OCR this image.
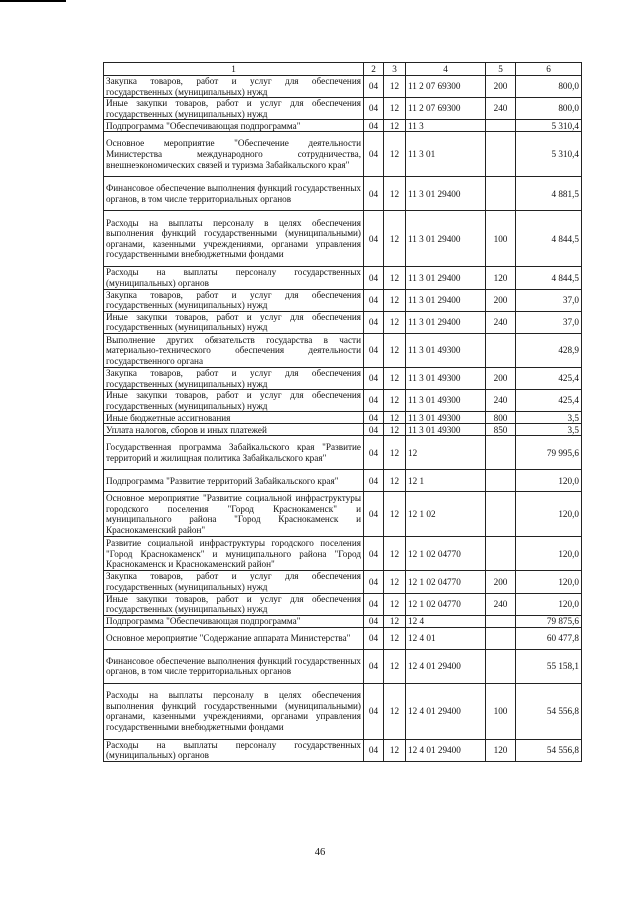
1	2	3	4	5	6
Закупка товаров, работ и услуг для обеспечения государственных (муниципальных) нужд	04	12	11 2 07 69300	200	800,0
Иные закупки товаров, работ и услуг для обеспечения государственных (муниципальных) нужд	04	12	11 2 07 69300	240	800,0
Подпрограмма "Обеспечивающая подпрограмма"	04	12	11 3		5 310,4
Основное мероприятие "Обеспечение деятельности Министерства международного сотрудничества, внешнеэкономических связей и туризма Забайкальского края"	04	12	11 3 01		5 310,4
Финансовое обеспечение выполнения функций государственных органов, в том числе территориальных органов	04	12	11 3 01 29400		4 881,5
Расходы на выплаты персоналу в целях обеспечения выполнения функций государственными (муниципальными) органами, казенными учреждениями, органами управления государственными внебюджетными фондами	04	12	11 3 01 29400	100	4 844,5
Расходы на выплаты персоналу государственных (муниципальных) органов	04	12	11 3 01 29400	120	4 844,5
Закупка товаров, работ и услуг для обеспечения государственных (муниципальных) нужд	04	12	11 3 01 29400	200	37,0
Иные закупки товаров, работ и услуг для обеспечения государственных (муниципальных) нужд	04	12	11 3 01 29400	240	37,0
Выполнение других обязательств государства в части материально-технического обеспечения деятельности государственного органа	04	12	11 3 01 49300		428,9
Закупка товаров, работ и услуг для обеспечения государственных (муниципальных) нужд	04	12	11 3 01 49300	200	425,4
Иные закупки товаров, работ и услуг для обеспечения государственных (муниципальных) нужд	04	12	11 3 01 49300	240	425,4
Иные бюджетные ассигнования	04	12	11 3 01 49300	800	3,5
Уплата налогов, сборов и иных платежей	04	12	11 3 01 49300	850	3,5
Государственная программа Забайкальского края "Развитие территорий и жилищная политика Забайкальского края"	04	12	12		79 995,6
Подпрограмма "Развитие территорий Забайкальского края"	04	12	12 1		120,0
Основное мероприятие "Развитие социальной инфраструктуры городского поселения "Город Краснокаменск" и муниципального района "Город Краснокаменск и Краснокаменский район"	04	12	12 1 02		120,0
Развитие социальной инфраструктуры городского поселения "Город Краснокаменск" и муниципального района "Город Краснокаменск и Краснокаменский район"	04	12	12 1 02 04770		120,0
Закупка товаров, работ и услуг для обеспечения государственных (муниципальных) нужд	04	12	12 1 02 04770	200	120,0
Иные закупки товаров, работ и услуг для обеспечения государственных (муниципальных) нужд	04	12	12 1 02 04770	240	120,0
Подпрограмма "Обеспечивающая подпрограмма"	04	12	12 4		79 875,6
Основное мероприятие "Содержание аппарата Министерства"	04	12	12 4 01		60 477,8
Финансовое обеспечение выполнения функций государственных органов, в том числе территориальных органов	04	12	12 4 01 29400		55 158,1
Расходы на выплаты персоналу в целях обеспечения выполнения функций государственными (муниципальными) органами, казенными учреждениями, органами управления государственными внебюджетными фондами	04	12	12 4 01 29400	100	54 556,8
Расходы на выплаты персоналу государственных (муниципальных) органов	04	12	12 4 01 29400	120	54 556,8
46
